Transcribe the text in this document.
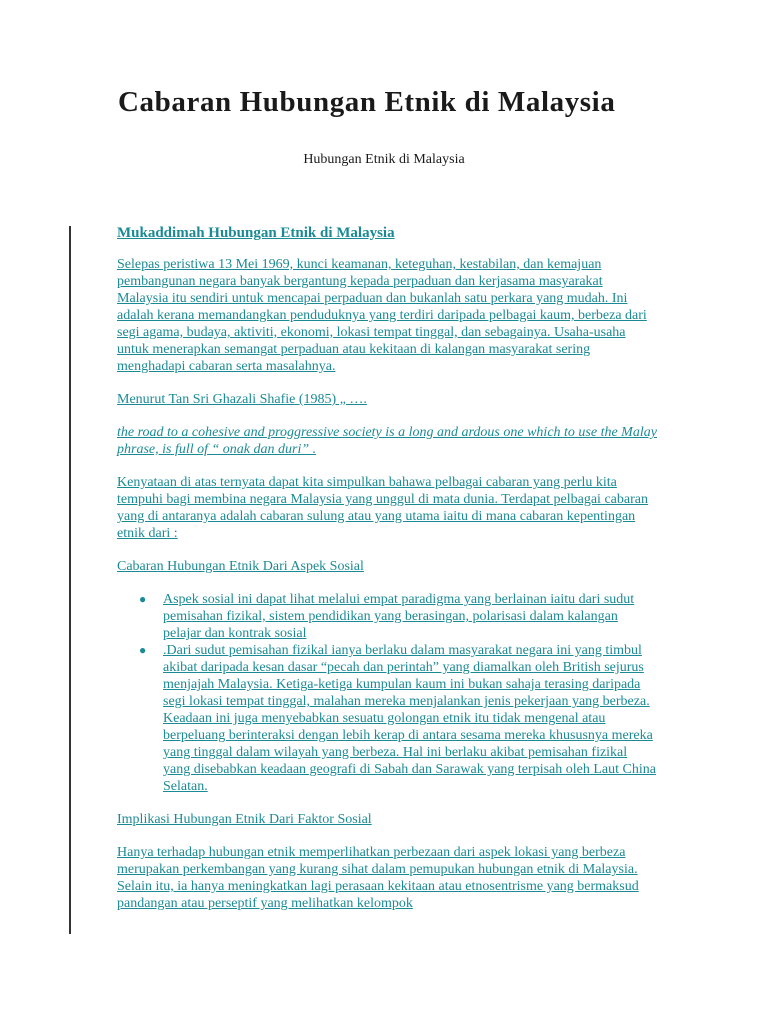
Cabaran Hubungan Etnik di Malaysia

Hubungan Etnik di Malaysia

Mukaddimah Hubungan Etnik di Malaysia

Selepas peristiwa 13 Mei 1969, kunci keamanan, keteguhan, kestabilan, dan kemajuan pembangunan negara banyak bergantung kepada perpaduan dan kerjasama masyarakat Malaysia itu sendiri untuk mencapai perpaduan dan bukanlah satu perkara yang mudah. Ini adalah kerana memandangkan penduduknya yang terdiri daripada pelbagai kaum, berbeza dari segi agama, budaya, aktiviti, ekonomi, lokasi tempat tinggal, dan sebagainya. Usaha-usaha untuk menerapkan semangat perpaduan atau kekitaan di kalangan masyarakat sering menghadapi cabaran serta masalahnya.

Menurut Tan Sri Ghazali Shafie (1985) „ ….

the road to a cohesive and proggressive society is a long and ardous one which to use the Malay phrase, is full of “ onak dan duri” .

Kenyataan di atas ternyata dapat kita simpulkan bahawa pelbagai cabaran yang perlu kita tempuhi bagi membina negara Malaysia yang unggul di mata dunia. Terdapat pelbagai cabaran yang di antaranya adalah cabaran sulung atau yang utama iaitu di mana cabaran kepentingan etnik dari :

Cabaran Hubungan Etnik Dari Aspek Sosial

● Aspek sosial ini dapat lihat melalui empat paradigma yang berlainan iaitu dari sudut pemisahan fizikal, sistem pendidikan yang berasingan, polarisasi dalam kalangan pelajar dan kontrak sosial
● .Dari sudut pemisahan fizikal ianya berlaku dalam masyarakat negara ini yang timbul akibat daripada kesan dasar “pecah dan perintah” yang diamalkan oleh British sejurus menjajah Malaysia. Ketiga-ketiga kumpulan kaum ini bukan sahaja terasing daripada segi lokasi tempat tinggal, malahan mereka menjalankan jenis pekerjaan yang berbeza. Keadaan ini juga menyebabkan sesuatu golongan etnik itu tidak mengenal atau berpeluang berinteraksi dengan lebih kerap di antara sesama mereka khususnya mereka yang tinggal dalam wilayah yang berbeza. Hal ini berlaku akibat pemisahan fizikal yang disebabkan keadaan geografi di Sabah dan Sarawak yang terpisah oleh Laut China Selatan.

Implikasi Hubungan Etnik Dari Faktor Sosial

Hanya terhadap hubungan etnik memperlihatkan perbezaan dari aspek lokasi yang berbeza merupakan perkembangan yang kurang sihat dalam pemupukan hubungan etnik di Malaysia. Selain itu, ia hanya meningkatkan lagi perasaan kekitaan atau etnosentrisme yang bermaksud pandangan atau perseptif yang melihatkan kelompok
